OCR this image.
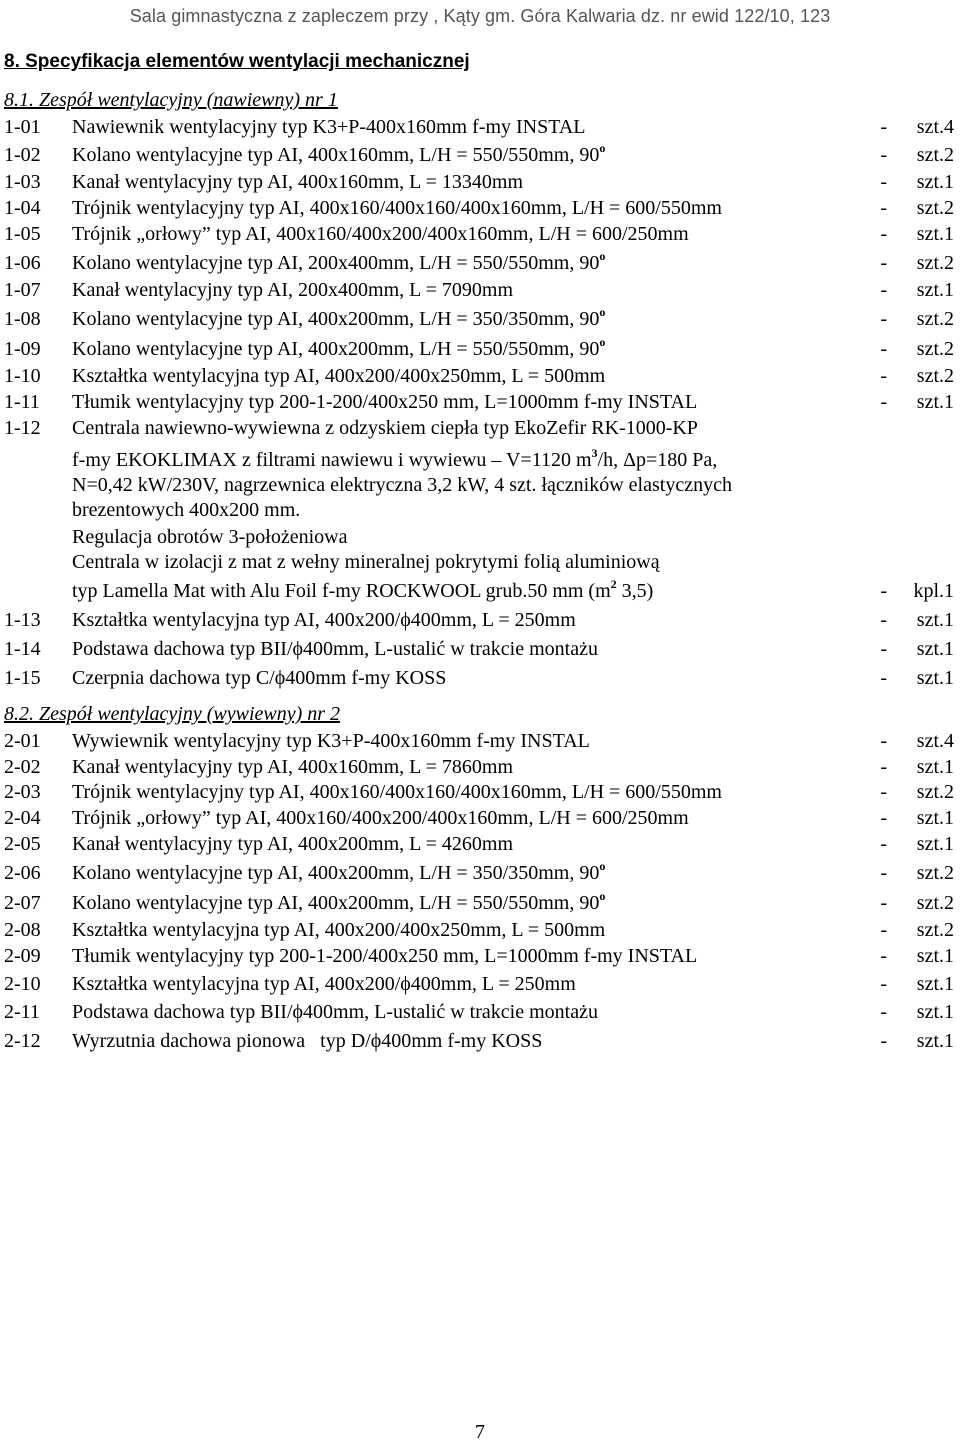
Sala gimnastyczna z zapleczem przy , Kąty gm. Góra Kalwaria dz. nr ewid 122/10, 123
8. Specyfikacja elementów wentylacji mechanicznej
8.1. Zespół wentylacyjny (nawiewny) nr 1
1-01 Nawiewnik wentylacyjny typ K3+P-400x160mm f-my INSTAL	- szt.4
1-02 Kolano wentylacyjne typ AI, 400x160mm, L/H = 550/550mm, 90$^o$	- szt.2
1-03 Kanał wentylacyjny typ AI, 400x160mm, L = 13340mm	- szt.1
1-04 Trójnik wentylacyjny typ AI, 400x160/400x160/400x160mm, L/H = 600/550mm	- szt.2
1-05 Trójnik „orłowy” typ AI, 400x160/400x200/400x160mm, L/H = 600/250mm	- szt.1
1-06 Kolano wentylacyjne typ AI, 200x400mm, L/H = 550/550mm, 90$^o$	- szt.2
1-07 Kanał wentylacyjny typ AI, 200x400mm, L = 7090mm	- szt.1
1-08 Kolano wentylacyjne typ AI, 400x200mm, L/H = 350/350mm, 90$^o$	- szt.2
1-09 Kolano wentylacyjne typ AI, 400x200mm, L/H = 550/550mm, 90$^o$	- szt.2
1-10 Kształtka wentylacyjna typ AI, 400x200/400x250mm, L = 500mm	- szt.2
1-11 Tłumik wentylacyjny typ 200-1-200/400x250 mm, L=1000mm f-my INSTAL	- szt.1
1-12 Centrala nawiewno-wywiewna z odzyskiem ciepła typ EkoZefir RK-1000-KP
f-my EKOKLIMAX z filtrami nawiewu i wywiewu – V=1120 $m^3/h$, Δp=180 Pa,
N=0,42 kW/230V, nagrzewnica elektryczna 3,2 kW, 4 szt. łączników elastycznych
brezentowych 400x200 mm.
Regulacja obrotów 3-położeniowa
Centrala w izolacji z mat z wełny mineralnej pokrytymi folią aluminiową
typ Lamella Mat with Alu Foil f-my ROCKWOOL grub.50 mm ($m^2$ 3,5)	- kpl.1
1-13 Kształtka wentylacyjna typ AI, 400x200/ϕ400mm, L = 250mm	- szt.1
1-14 Podstawa dachowa typ BII/ϕ400mm, L-ustalić w trakcie montażu	- szt.1
1-15 Czerpnia dachowa typ C/ϕ400mm f-my KOSS	- szt.1
8.2. Zespół wentylacyjny (wywiewny) nr 2
2-01 Wywiewnik wentylacyjny typ K3+P-400x160mm f-my INSTAL	- szt.4
2-02 Kanał wentylacyjny typ AI, 400x160mm, L = 7860mm	- szt.1
2-03 Trójnik wentylacyjny typ AI, 400x160/400x160/400x160mm, L/H = 600/550mm	- szt.2
2-04 Trójnik „orłowy” typ AI, 400x160/400x200/400x160mm, L/H = 600/250mm	- szt.1
2-05 Kanał wentylacyjny typ AI, 400x200mm, L = 4260mm	- szt.1
2-06 Kolano wentylacyjne typ AI, 400x200mm, L/H = 350/350mm, 90$^o$	- szt.2
2-07 Kolano wentylacyjne typ AI, 400x200mm, L/H = 550/550mm, 90$^o$	- szt.2
2-08 Kształtka wentylacyjna typ AI, 400x200/400x250mm, L = 500mm	- szt.2
2-09 Tłumik wentylacyjny typ 200-1-200/400x250 mm, L=1000mm f-my INSTAL	- szt.1
2-10 Kształtka wentylacyjna typ AI, 400x200/ϕ400mm, L = 250mm	- szt.1
2-11 Podstawa dachowa typ BII/ϕ400mm, L-ustalić w trakcie montażu	- szt.1
2-12 Wyrzutnia dachowa pionowa   typ D/ϕ400mm f-my KOSS	- szt.1
7
